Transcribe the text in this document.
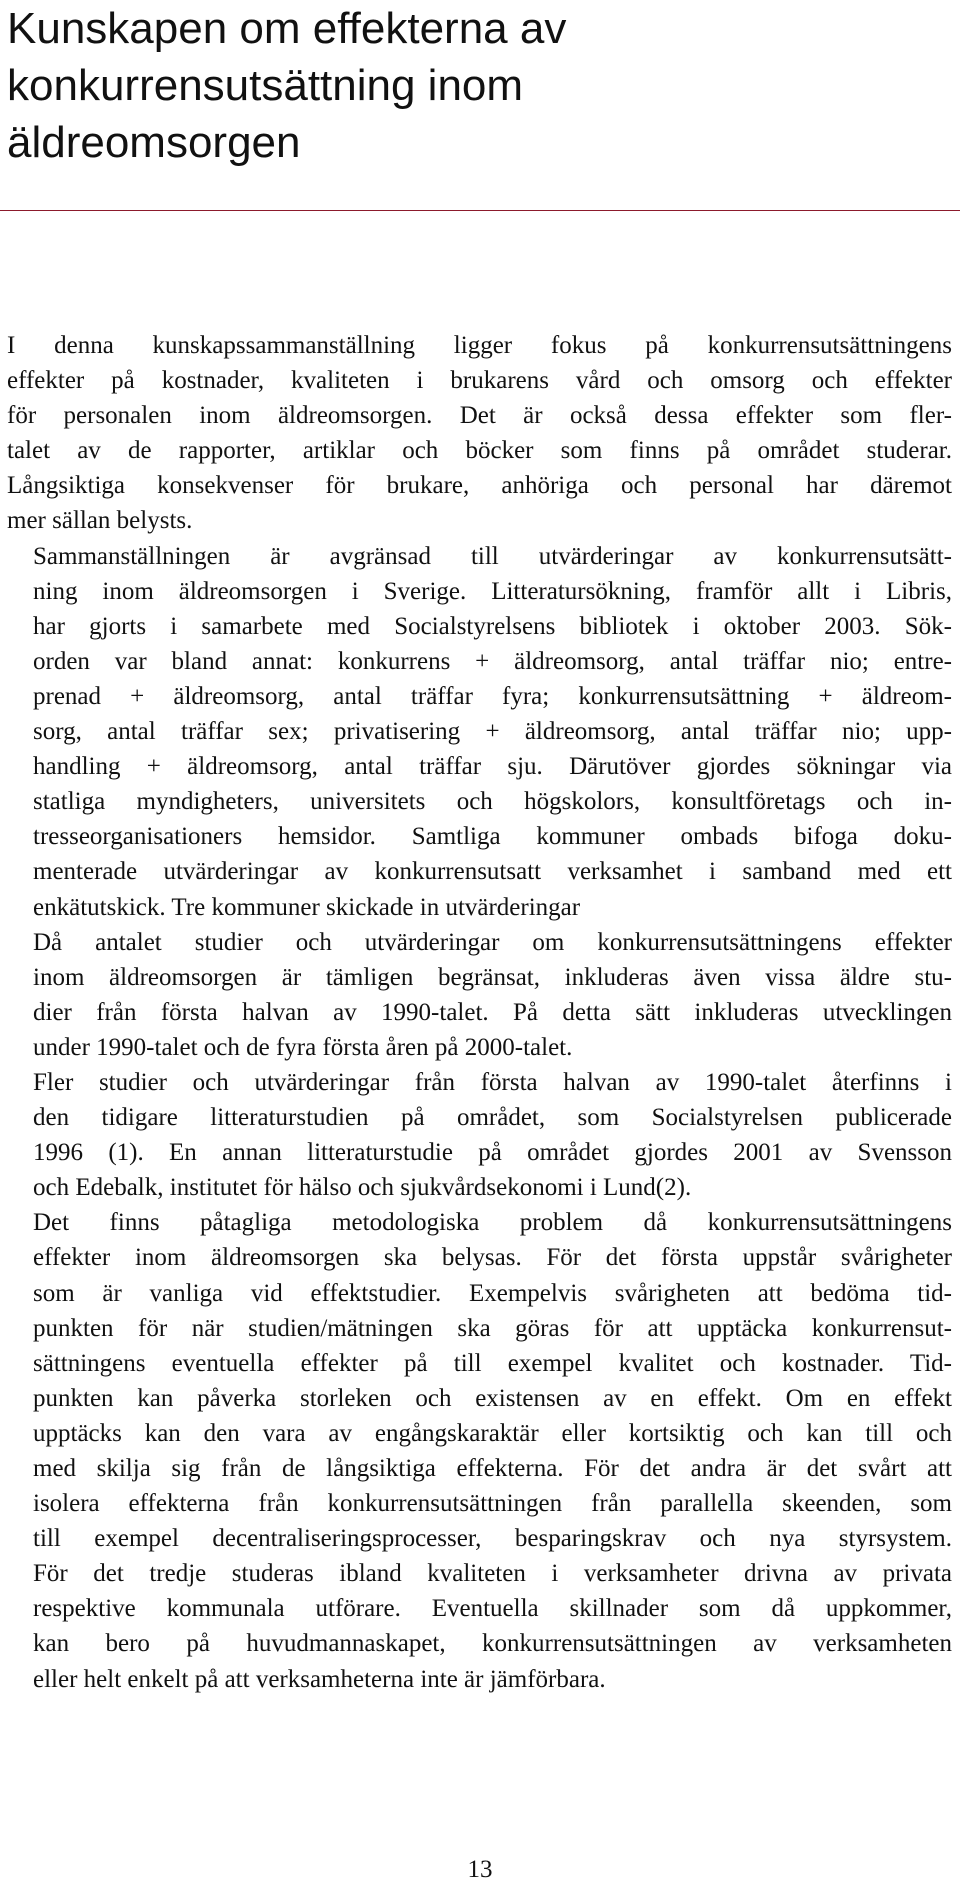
Kunskapen om effekterna av
konkurrensutsättning inom
äldreomsorgen

I denna kunskapssammanställning ligger fokus på konkurrensutsättningens
effekter på kostnader, kvaliteten i brukarens vård och omsorg och effekter
för personalen inom äldreomsorgen. Det är också dessa effekter som fler-
talet av de rapporter, artiklar och böcker som finns på området studerar.
Långsiktiga konsekvenser för brukare, anhöriga och personal har däremot
mer sällan belysts.

Sammanställningen är avgränsad till utvärderingar av konkurrensutsätt-
ning inom äldreomsorgen i Sverige. Litteratursökning, framför allt i Libris,
har gjorts i samarbete med Socialstyrelsens bibliotek i oktober 2003. Sök-
orden var bland annat: konkurrens + äldreomsorg, antal träffar nio; entre-
prenad + äldreomsorg, antal träffar fyra; konkurrensutsättning + äldreom-
sorg, antal träffar sex; privatisering + äldreomsorg, antal träffar nio; upp-
handling + äldreomsorg, antal träffar sju. Därutöver gjordes sökningar via
statliga myndigheters, universitets och högskolors, konsultföretags och in-
tresseorganisationers hemsidor. Samtliga kommuner ombads bifoga doku-
menterade utvärderingar av konkurrensutsatt verksamhet i samband med ett
enkätutskick. Tre kommuner skickade in utvärderingar

Då antalet studier och utvärderingar om konkurrensutsättningens effekter
inom äldreomsorgen är tämligen begränsat, inkluderas även vissa äldre stu-
dier från första halvan av 1990-talet. På detta sätt inkluderas utvecklingen
under 1990-talet och de fyra första åren på 2000-talet.

Fler studier och utvärderingar från första halvan av 1990-talet återfinns i
den tidigare litteraturstudien på området, som Socialstyrelsen publicerade
1996 (1). En annan litteraturstudie på området gjordes 2001 av Svensson
och Edebalk, institutet för hälso och sjukvårdsekonomi i Lund(2).

Det finns påtagliga metodologiska problem då konkurrensutsättningens
effekter inom äldreomsorgen ska belysas. För det första uppstår svårigheter
som är vanliga vid effektstudier. Exempelvis svårigheten att bedöma tid-
punkten för när studien/mätningen ska göras för att upptäcka konkurrensut-
sättningens eventuella effekter på till exempel kvalitet och kostnader. Tid-
punkten kan påverka storleken och existensen av en effekt. Om en effekt
upptäcks kan den vara av engångskaraktär eller kortsiktig och kan till och
med skilja sig från de långsiktiga effekterna. För det andra är det svårt att
isolera effekterna från konkurrensutsättningen från parallella skeenden, som
till exempel decentraliseringsprocesser, besparingskrav och nya styrsystem.
För det tredje studeras ibland kvaliteten i verksamheter drivna av privata
respektive kommunala utförare. Eventuella skillnader som då uppkommer,
kan bero på huvudmannaskapet, konkurrensutsättningen av verksamheten
eller helt enkelt på att verksamheterna inte är jämförbara.

13
